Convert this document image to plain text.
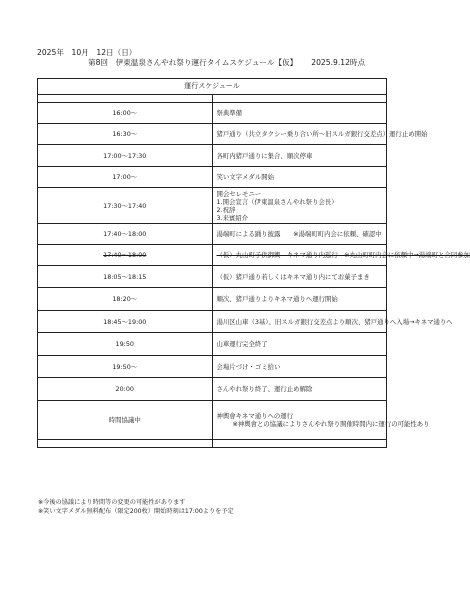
2025年　10月　12日（日）
第8回　伊東温泉さんやれ祭り運行タイムスケジュール【仮】 2025.9.12時点
運行スケジュール	

16:00～	祭典準備

16:30～	猪戸通り（共立タクシー乗り合い所～旧スルガ銀行交差点）運行止め開始

17:00～17:30	各町内猪戸通りに集合、順次停車

17:00～	笑い文字メダル開始

17:30～17:40	開会セレモニー
1.開会宣言（伊東温泉さんやれ祭り会長）
2.祝辞
3.来賓紹介

17:40～18:00	湯端町による踊り披露　　※湯端町町内会に依頼、確認中

17:40～18:00	（仮）丸山町子供御輿　キネマ通り内巡行　※丸山町町内会に依頼中→湯端町と合同参加

18:05～18:15	（仮）猪戸通り若しくはキネマ通り内にてお菓子まき

18:20～	順次、猪戸通りよりキネマ通りへ運行開始

18:45～19:00	湯川区山車（3基）、旧スルガ銀行交差点より順次、猪戸通りへ入場→キネマ通りへ

19:50	山車運行完全終了

19:50～	会場片づけ・ゴミ拾い

20:00	さんやれ祭り終了、運行止め解除

時間協議中	神輿會キネマ通りへの運行
※神輿會との協議によりさんやれ祭り開催時間内に運行の可能性あり

※今後の協議により時間等の変更の可能性があります
※笑い文字メダル無料配布（限定200枚）開始時刻は17:00よりを予定
